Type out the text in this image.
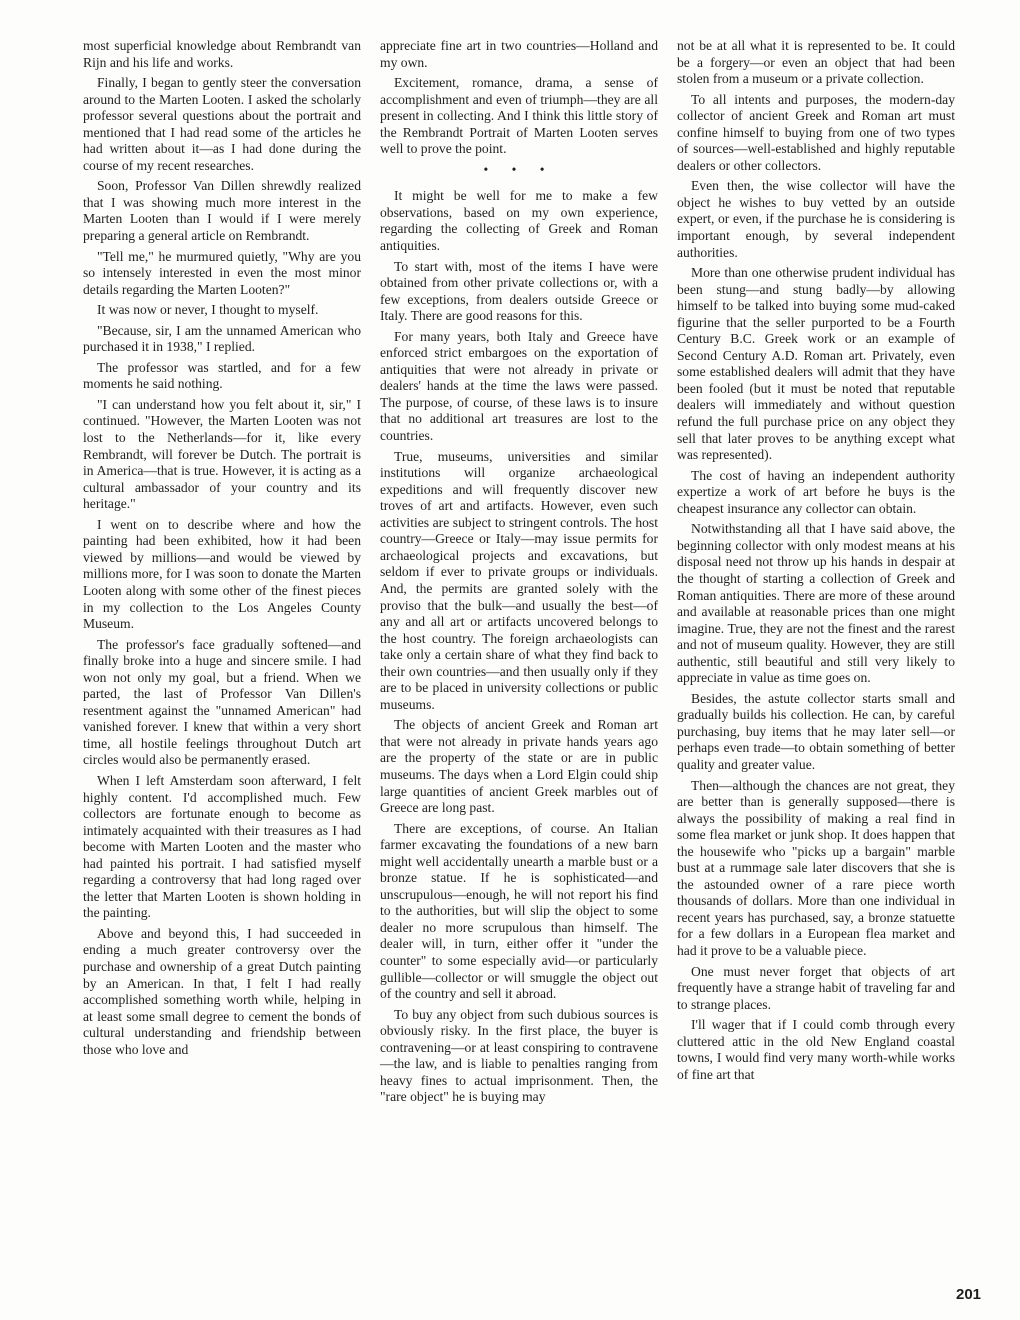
most superficial knowledge about Rembrandt van Rijn and his life and works.

Finally, I began to gently steer the conversation around to the Marten Looten. I asked the scholarly professor several questions about the portrait and mentioned that I had read some of the articles he had written about it—as I had done during the course of my recent researches.

Soon, Professor Van Dillen shrewdly realized that I was showing much more interest in the Marten Looten than I would if I were merely preparing a general article on Rembrandt.

"Tell me," he murmured quietly, "Why are you so intensely interested in even the most minor details regarding the Marten Looten?"

It was now or never, I thought to myself.

"Because, sir, I am the unnamed American who purchased it in 1938," I replied.

The professor was startled, and for a few moments he said nothing.

"I can understand how you felt about it, sir," I continued. "However, the Marten Looten was not lost to the Netherlands—for it, like every Rembrandt, will forever be Dutch. The portrait is in America—that is true. However, it is acting as a cultural ambassador of your country and its heritage."

I went on to describe where and how the painting had been exhibited, how it had been viewed by millions—and would be viewed by millions more, for I was soon to donate the Marten Looten along with some other of the finest pieces in my collection to the Los Angeles County Museum.

The professor's face gradually softened—and finally broke into a huge and sincere smile. I had won not only my goal, but a friend. When we parted, the last of Professor Van Dillen's resentment against the "unnamed American" had vanished forever. I knew that within a very short time, all hostile feelings throughout Dutch art circles would also be permanently erased.

When I left Amsterdam soon afterward, I felt highly content. I'd accomplished much. Few collectors are fortunate enough to become as intimately acquainted with their treasures as I had become with Marten Looten and the master who had painted his portrait. I had satisfied myself regarding a controversy that had long raged over the letter that Marten Looten is shown holding in the painting.

Above and beyond this, I had succeeded in ending a much greater controversy over the purchase and ownership of a great Dutch painting by an American. In that, I felt I had really accomplished something worth while, helping in at least some small degree to cement the bonds of cultural understanding and friendship between those who love and

appreciate fine art in two countries—Holland and my own.

Excitement, romance, drama, a sense of accomplishment and even of triumph—they are all present in collecting. And I think this little story of the Rembrandt Portrait of Marten Looten serves well to prove the point.

• • •

It might be well for me to make a few observations, based on my own experience, regarding the collecting of Greek and Roman antiquities.

To start with, most of the items I have were obtained from other private collections or, with a few exceptions, from dealers outside Greece or Italy. There are good reasons for this.

For many years, both Italy and Greece have enforced strict embargoes on the exportation of antiquities that were not already in private or dealers' hands at the time the laws were passed. The purpose, of course, of these laws is to insure that no additional art treasures are lost to the countries.

True, museums, universities and similar institutions will organize archaeological expeditions and will frequently discover new troves of art and artifacts. However, even such activities are subject to stringent controls. The host country—Greece or Italy—may issue permits for archaeological projects and excavations, but seldom if ever to private groups or individuals. And, the permits are granted solely with the proviso that the bulk—and usually the best—of any and all art or artifacts uncovered belongs to the host country. The foreign archaeologists can take only a certain share of what they find back to their own countries—and then usually only if they are to be placed in university collections or public museums.

The objects of ancient Greek and Roman art that were not already in private hands years ago are the property of the state or are in public museums. The days when a Lord Elgin could ship large quantities of ancient Greek marbles out of Greece are long past.

There are exceptions, of course. An Italian farmer excavating the foundations of a new barn might well accidentally unearth a marble bust or a bronze statue. If he is sophisticated—and unscrupulous—enough, he will not report his find to the authorities, but will slip the object to some dealer no more scrupulous than himself. The dealer will, in turn, either offer it "under the counter" to some especially avid—or particularly gullible—collector or will smuggle the object out of the country and sell it abroad.

To buy any object from such dubious sources is obviously risky. In the first place, the buyer is contravening—or at least conspiring to contravene—the law, and is liable to penalties ranging from heavy fines to actual imprisonment. Then, the "rare object" he is buying may

not be at all what it is represented to be. It could be a forgery—or even an object that had been stolen from a museum or a private collection.

To all intents and purposes, the modern-day collector of ancient Greek and Roman art must confine himself to buying from one of two types of sources—well-established and highly reputable dealers or other collectors.

Even then, the wise collector will have the object he wishes to buy vetted by an outside expert, or even, if the purchase he is considering is important enough, by several independent authorities.

More than one otherwise prudent individual has been stung—and stung badly—by allowing himself to be talked into buying some mud-caked figurine that the seller purported to be a Fourth Century B.C. Greek work or an example of Second Century A.D. Roman art. Privately, even some established dealers will admit that they have been fooled (but it must be noted that reputable dealers will immediately and without question refund the full purchase price on any object they sell that later proves to be anything except what was represented).

The cost of having an independent authority expertize a work of art before he buys is the cheapest insurance any collector can obtain.

Notwithstanding all that I have said above, the beginning collector with only modest means at his disposal need not throw up his hands in despair at the thought of starting a collection of Greek and Roman antiquities. There are more of these around and available at reasonable prices than one might imagine. True, they are not the finest and the rarest and not of museum quality. However, they are still authentic, still beautiful and still very likely to appreciate in value as time goes on.

Besides, the astute collector starts small and gradually builds his collection. He can, by careful purchasing, buy items that he may later sell—or perhaps even trade—to obtain something of better quality and greater value.

Then—although the chances are not great, they are better than is generally supposed—there is always the possibility of making a real find in some flea market or junk shop. It does happen that the housewife who "picks up a bargain" marble bust at a rummage sale later discovers that she is the astounded owner of a rare piece worth thousands of dollars. More than one individual in recent years has purchased, say, a bronze statuette for a few dollars in a European flea market and had it prove to be a valuable piece.

One must never forget that objects of art frequently have a strange habit of traveling far and to strange places.

I'll wager that if I could comb through every cluttered attic in the old New England coastal towns, I would find very many worth-while works of fine art that

201
